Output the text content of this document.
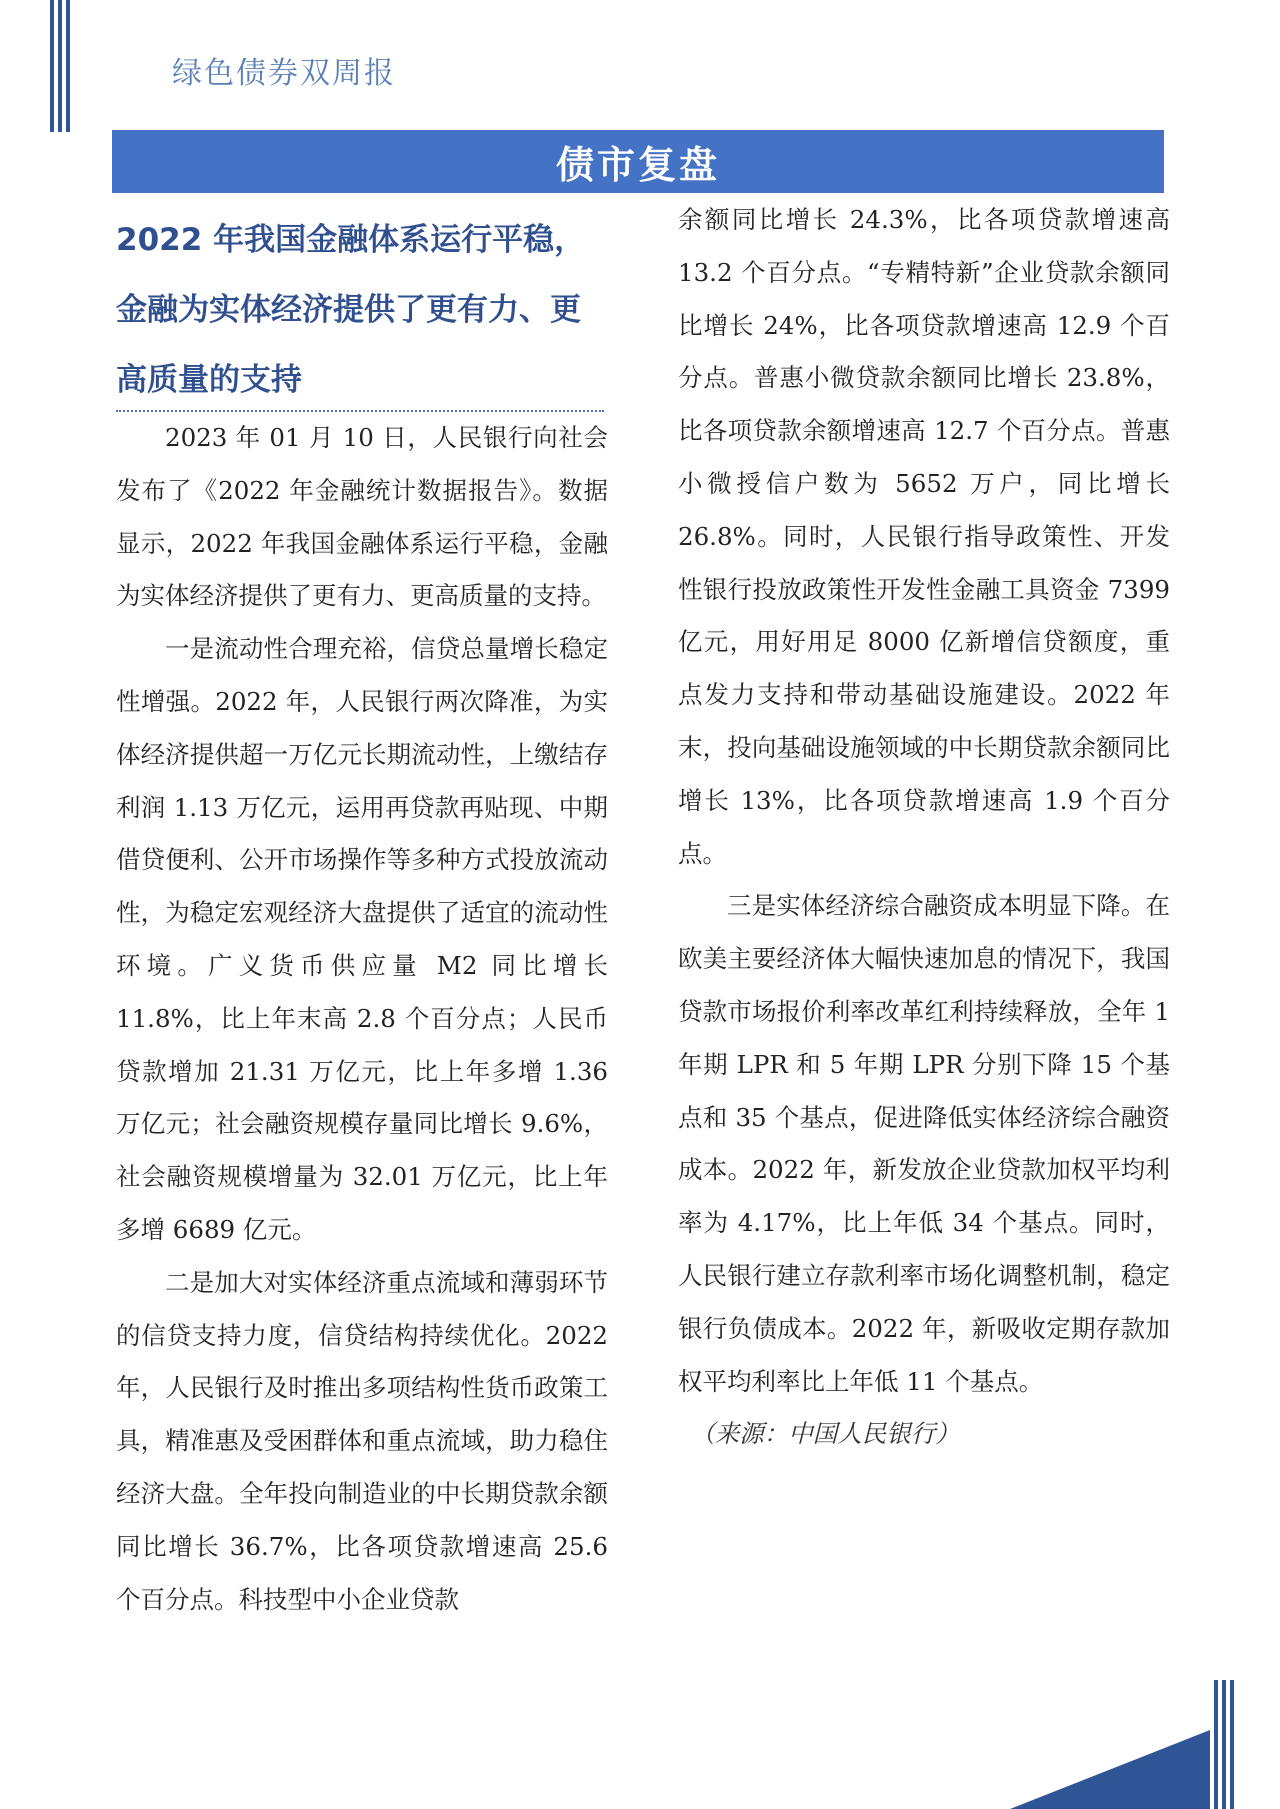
绿色债券双周报
债市复盘
2022 年我国金融体系运行平稳，金融为实体经济提供了更有力、更高质量的支持

2023 年 01 月 10 日，人民银行向社会发布了《2022 年金融统计数据报告》。数据显示，2022 年我国金融体系运行平稳，金融为实体经济提供了更有力、更高质量的支持。

一是流动性合理充裕，信贷总量增长稳定性增强。2022 年，人民银行两次降准，为实体经济提供超一万亿元长期流动性，上缴结存利润 1.13 万亿元，运用再贷款再贴现、中期借贷便利、公开市场操作等多种方式投放流动性，为稳定宏观经济大盘提供了适宜的流动性环境。广义货币供应量 M2 同比增长 11.8%，比上年末高 2.8 个百分点；人民币贷款增加 21.31 万亿元，比上年多增 1.36 万亿元；社会融资规模存量同比增长 9.6%，社会融资规模增量为 32.01 万亿元，比上年多增 6689 亿元。

二是加大对实体经济重点流域和薄弱环节的信贷支持力度，信贷结构持续优化。2022 年，人民银行及时推出多项结构性货币政策工具，精准惠及受困群体和重点流域，助力稳住经济大盘。全年投向制造业的中长期贷款余额同比增长 36.7%，比各项贷款增速高 25.6 个百分点。科技型中小企业贷款

余额同比增长 24.3%，比各项贷款增速高 13.2 个百分点。“专精特新”企业贷款余额同比增长 24%，比各项贷款增速高 12.9 个百分点。普惠小微贷款余额同比增长 23.8%，比各项贷款余额增速高 12.7 个百分点。普惠小微授信户数为 5652 万户，同比增长 26.8%。同时，人民银行指导政策性、开发性银行投放政策性开发性金融工具资金 7399 亿元，用好用足 8000 亿新增信贷额度，重点发力支持和带动基础设施建设。2022 年末，投向基础设施领域的中长期贷款余额同比增长 13%，比各项贷款增速高 1.9 个百分点。

三是实体经济综合融资成本明显下降。在欧美主要经济体大幅快速加息的情况下，我国贷款市场报价利率改革红利持续释放，全年 1 年期 LPR 和 5 年期 LPR 分别下降 15 个基点和 35 个基点，促进降低实体经济综合融资成本。2022 年，新发放企业贷款加权平均利率为 4.17%，比上年低 34 个基点。同时，人民银行建立存款利率市场化调整机制，稳定银行负债成本。2022 年，新吸收定期存款加权平均利率比上年低 11 个基点。

（来源：中国人民银行）

1
